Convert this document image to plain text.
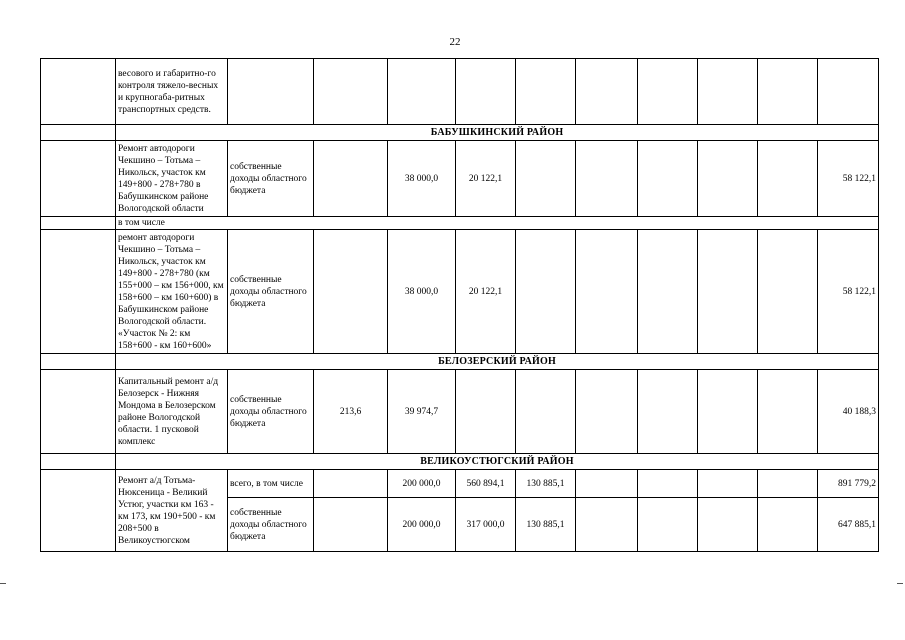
22
	весового и габаритно-го контроля тяжело-весных и крупногаба-ритных транспортных средств.										
	БАБУШКИНСКИЙ РАЙОН										
	Ремонт автодороги Чекшино – Тотьма – Никольск, участок км 149+800 - 278+780 в Бабушкинском районе Вологодской области	собственные доходы областного бюджета		38 000,0	20 122,1						58 122,1
	в том числе										
	ремонт автодороги Чекшино – Тотьма – Никольск, участок км 149+800 - 278+780 (км 155+000 – км 156+000, км 158+600 – км 160+600) в Бабушкинском районе Вологодской области. «Участок № 2: км 158+600 - км 160+600»	собственные доходы областного бюджета		38 000,0	20 122,1						58 122,1
	БЕЛОЗЕРСКИЙ РАЙОН										
	Капитальный ремонт а/д Белозерск - Нижняя Мондома в Белозерском районе Вологодской области. 1 пусковой комплекс	собственные доходы областного бюджета	213,6	39 974,7							40 188,3
	ВЕЛИКОУСТЮГСКИЙ РАЙОН										
	Ремонт а/д Тотьма-Нюксеница - Великий Устюг, участки км 163 - км 173, км 190+500 - км 208+500 в Великоустюгском	всего, в том числе		200 000,0	560 894,1	130 885,1					891 779,2
		собственные доходы областного бюджета		200 000,0	317 000,0	130 885,1					647 885,1
